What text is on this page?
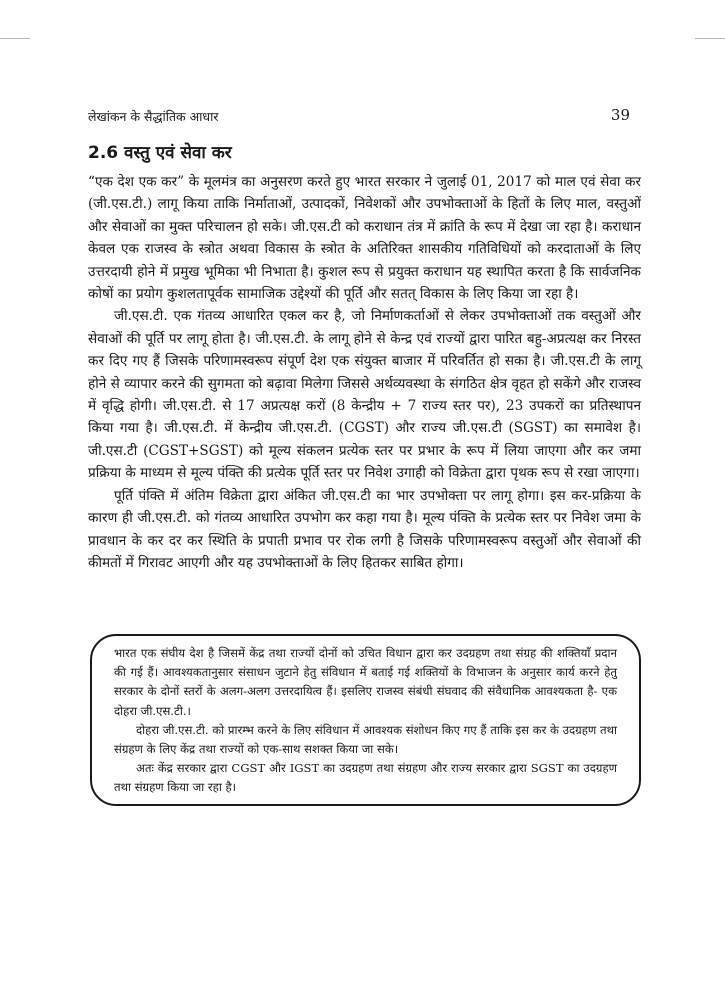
लेखांकन के सैद्धांतिक आधार	39
2.6 वस्तु एवं सेवा कर

“एक देश एक कर” के मूलमंत्र का अनुसरण करते हुए भारत सरकार ने जुलाई 01, 2017 को माल एवं सेवा कर (जी.एस.टी.) लागू किया ताकि निर्माताओं, उत्पादकों, निवेशकों और उपभोक्ताओं के हितों के लिए माल, वस्तुओं और सेवाओं का मुक्त परिचालन हो सके। जी.एस.टी को कराधान तंत्र में क्रांति के रूप में देखा जा रहा है। कराधान केवल एक राजस्व के स्त्रोत अथवा विकास के स्त्रोत के अतिरिक्त शासकीय गतिविधियों को करदाताओं के लिए उत्तरदायी होने में प्रमुख भूमिका भी निभाता है। कुशल रूप से प्रयुक्त कराधान यह स्थापित करता है कि सार्वजनिक कोषों का प्रयोग कुशलतापूर्वक सामाजिक उद्देश्यों की पूर्ति और सतत् विकास के लिए किया जा रहा है।

जी.एस.टी. एक गंतव्य आधारित एकल कर है, जो निर्माणकर्ताओं से लेकर उपभोक्ताओं तक वस्तुओं और सेवाओं की पूर्ति पर लागू होता है। जी.एस.टी. के लागू होने से केन्द्र एवं राज्यों द्वारा पारित बहु-अप्रत्यक्ष कर निरस्त कर दिए गए हैं जिसके परिणामस्वरूप संपूर्ण देश एक संयुक्त बाजार में परिवर्तित हो सका है। जी.एस.टी के लागू होने से व्यापार करने की सुगमता को बढ़ावा मिलेगा जिससे अर्थव्यवस्था के संगठित क्षेत्र वृहत हो सकेंगे और राजस्व में वृद्धि होगी। जी.एस.टी. से 17 अप्रत्यक्ष करों (8 केन्द्रीय + 7 राज्य स्तर पर), 23 उपकरों का प्रतिस्थापन किया गया है। जी.एस.टी. में केन्द्रीय जी.एस.टी. (CGST) और राज्य जी.एस.टी (SGST) का समावेश है। जी.एस.टी (CGST+SGST) को मूल्य संकलन प्रत्येक स्तर पर प्रभार के रूप में लिया जाएगा और कर जमा प्रक्रिया के माध्यम से मूल्य पंक्ति की प्रत्येक पूर्ति स्तर पर निवेश उगाही को विक्रेता द्वारा पृथक रूप से रखा जाएगा।

पूर्ति पंक्ति में अंतिम विक्रेता द्वारा अंकित जी.एस.टी का भार उपभोक्ता पर लागू होगा। इस कर-प्रक्रिया के कारण ही जी.एस.टी. को गंतव्य आधारित उपभोग कर कहा गया है। मूल्य पंक्ति के प्रत्येक स्तर पर निवेश जमा के प्रावधान के कर दर कर स्थिति के प्रपाती प्रभाव पर रोक लगी है जिसके परिणामस्वरूप वस्तुओं और सेवाओं की कीमतों में गिरावट आएगी और यह उपभोक्ताओं के लिए हितकर साबित होगा।

भारत एक संघीय देश है जिसमें केंद्र तथा राज्यों दोनों को उचित विधान द्वारा कर उदग्रहण तथा संग्रह की शक्तियाँ प्रदान की गई हैं। आवश्यकतानुसार संसाधन जुटाने हेतु संविधान में बताई गई शक्तियों के विभाजन के अनुसार कार्य करने हेतु सरकार के दोनों स्तरों के अलग-अलग उत्तरदायित्व हैं। इसलिए राजस्व संबंधी संघवाद की संवैधानिक आवश्यकता है- एक दोहरा जी.एस.टी.।

दोहरा जी.एस.टी. को प्रारम्भ करने के लिए संविधान में आवश्यक संशोधन किए गए हैं ताकि इस कर के उदग्रहण तथा संग्रहण के लिए केंद्र तथा राज्यों को एक-साथ सशक्त किया जा सके।

अतः केंद्र सरकार द्वारा CGST और IGST का उदग्रहण तथा संग्रहण और राज्य सरकार द्वारा SGST का उदग्रहण तथा संग्रहण किया जा रहा है।
